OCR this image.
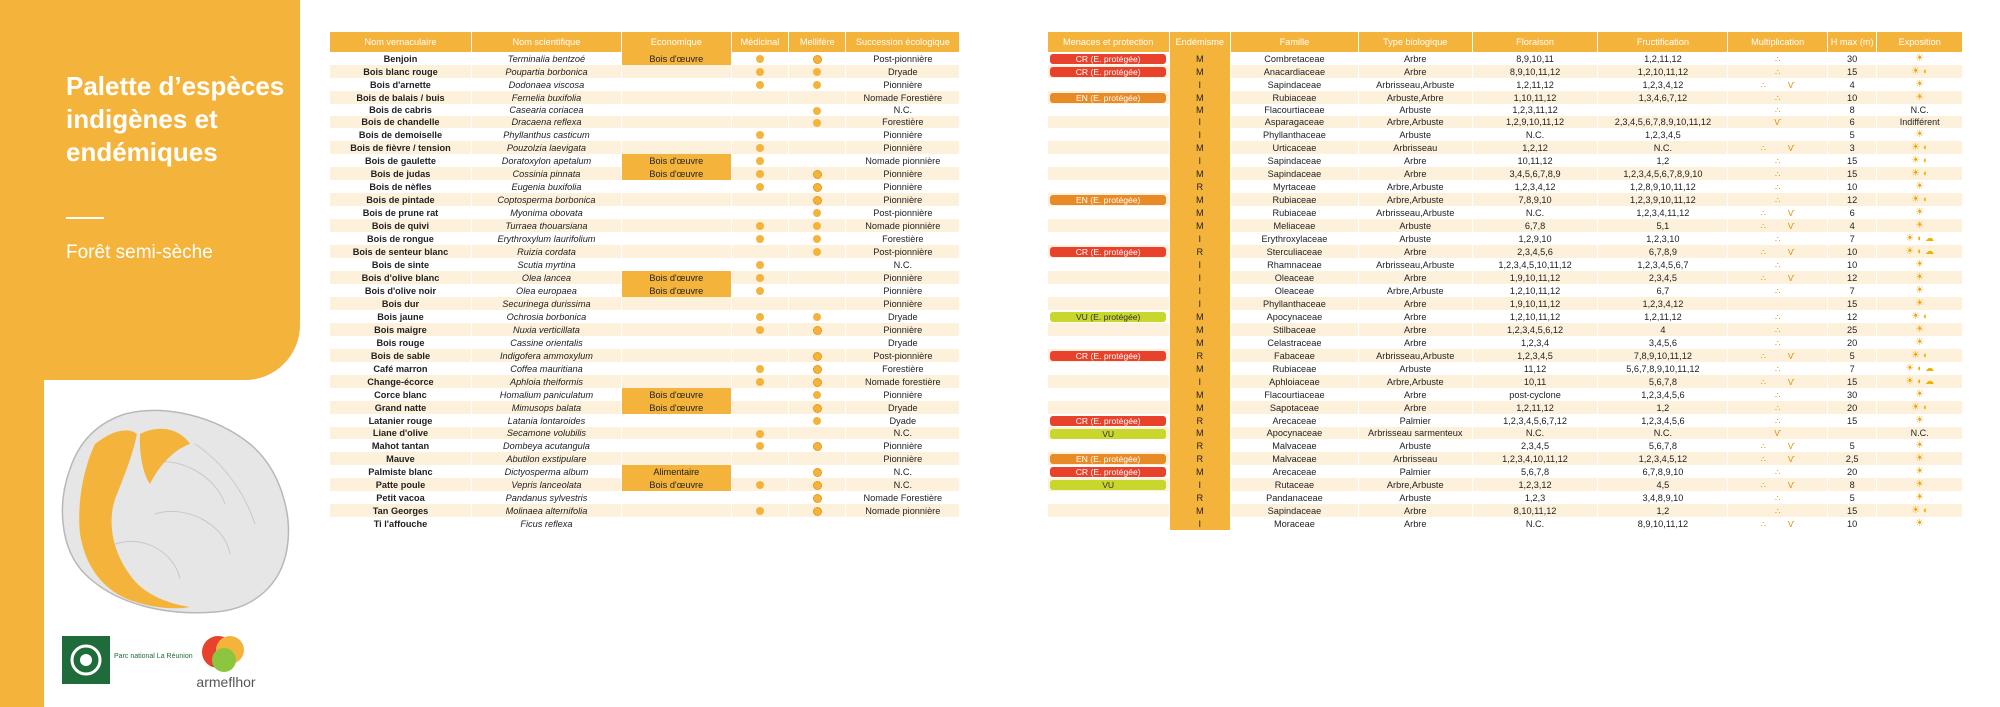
Palette d’espèces indigènes et endémiques
Forêt semi-sèche
Parc national La Réunion
armeflhor
Nom vernaculaire	Nom scientifique	Economique	Médicinal	Mellifère	Succession écologique		Menaces et protection	Endémisme	Famille	Type biologique	Floraison	Fructification	Multiplication	H max (m)	Exposition
Benjoin	Terminalia bentzoé	Bois d'œuvre			Post-pionnière		CR (E. protégée)	M	Combretaceae	Arbre	8,9,10,11	1,2,11,12	∴	30	☀
Bois blanc rouge	Poupartia borbonica				Dryade		CR (E. protégée)	M	Anacardiaceae	Arbre	8,9,10,11,12	1,2,10,11,12	∴	15	☀ ◐
Bois d'arnette	Dodonaea viscosa				Pionnière			I	Sapindaceae	Arbrisseau,Arbuste	1,2,11,12	1,2,3,4,12	∴    Ѵ	4	☀
Bois de balais / buis	Fernelia buxifolia				Nomade Forestière		EN (E. protégée)	M	Rubiaceae	Arbuste,Arbre	1,10,11,12	1,3,4,6,7,12	∴	10	☀
Bois de cabris	Casearia coriacea				N.C.			M	Flacourtiaceae	Arbuste	1,2,3,11,12		∴	8	N.C.
Bois de chandelle	Dracaena reflexa				Forestière			I	Asparagaceae	Arbre,Arbuste	1,2,9,10,11,12	2,3,4,5,6,7,8,9,10,11,12	Ѵ	6	Indifférent
Bois de demoiselle	Phyllanthus casticum				Pionnière			I	Phyllanthaceae	Arbuste	N.C.	1,2,3,4,5		5	☀
Bois de fièvre / tension	Pouzolzia laevigata				Pionnière			M	Urticaceae	Arbrisseau	1,2,12	N.C.	∴    Ѵ	3	☀ ◐
Bois de gaulette	Doratoxylon apetalum	Bois d'œuvre			Nomade pionnière			I	Sapindaceae	Arbre	10,11,12	1,2	∴	15	☀ ◐
Bois de judas	Cossinia pinnata	Bois d'œuvre			Pionnière			M	Sapindaceae	Arbre	3,4,5,6,7,8,9	1,2,3,4,5,6,7,8,9,10	∴	15	☀ ◐
Bois de nèfles	Eugenia buxifolia				Pionnière			R	Myrtaceae	Arbre,Arbuste	1,2,3,4,12	1,2,8,9,10,11,12	∴	10	☀
Bois de pintade	Coptosperma borbonica				Pionnière		EN (E. protégée)	M	Rubiaceae	Arbre,Arbuste	7,8,9,10	1,2,3,9,10,11,12	∴	12	☀ ◐
Bois de prune rat	Myonima obovata				Post-pionnière			M	Rubiaceae	Arbrisseau,Arbuste	N.C.	1,2,3,4,11,12	∴    Ѵ	6	☀
Bois de quivi	Turraea thouarsiana				Nomade pionnière			M	Meliaceae	Arbuste	6,7,8	5,1	∴    Ѵ	4	☀
Bois de rongue	Erythroxylum laurifolium				Forestière			I	Erythroxylaceae	Arbuste	1,2,9,10	1,2,3,10	∴	7	☀ ◐ ☁
Bois de senteur blanc	Ruizia cordata				Post-pionnière		CR (E. protégée)	R	Sterculiaceae	Arbre	2,3,4,5,6	6,7,8,9	∴    Ѵ	10	☀ ◐ ☁
Bois de sinte	Scutia myrtina				N.C.			I	Rhamnaceae	Arbrisseau,Arbuste	1,2,3,4,5,10,11,12	1,2,3,4,5,6,7	∴	10	☀
Bois d'olive blanc	Olea lancea	Bois d'œuvre			Pionnière			I	Oleaceae	Arbre	1,9,10,11,12	2,3,4,5	∴    Ѵ	12	☀
Bois d'olive noir	Olea europaea	Bois d'œuvre			Pionnière			I	Oleaceae	Arbre,Arbuste	1,2,10,11,12	6,7	∴	7	☀
Bois dur	Securinega durissima				Pionnière			I	Phyllanthaceae	Arbre	1,9,10,11,12	1,2,3,4,12		15	☀
Bois jaune	Ochrosia borbonica				Dryade		VU (E. protégée)	M	Apocynaceae	Arbre	1,2,10,11,12	1,2,11,12	∴	12	☀ ◐
Bois maigre	Nuxia verticillata				Pionnière			M	Stilbaceae	Arbre	1,2,3,4,5,6,12	4	∴	25	☀
Bois rouge	Cassine orientalis				Dryade			M	Celastraceae	Arbre	1,2,3,4	3,4,5,6	∴	20	☀
Bois de sable	Indigofera ammoxylum				Post-pionnière		CR (E. protégée)	R	Fabaceae	Arbrisseau,Arbuste	1,2,3,4,5	7,8,9,10,11,12	∴    Ѵ	5	☀ ◐
Café marron	Coffea mauritiana				Forestière			M	Rubiaceae	Arbuste	11,12	5,6,7,8,9,10,11,12	∴	7	☀ ◐ ☁
Change-écorce	Aphloia theiformis				Nomade forestière			I	Aphloiaceae	Arbre,Arbuste	10,11	5,6,7,8	∴    Ѵ	15	☀ ◐ ☁
Corce blanc	Homalium paniculatum	Bois d'œuvre			Pionnière			M	Flacourtiaceae	Arbre	post-cyclone	1,2,3,4,5,6	∴	30	☀
Grand natte	Mimusops balata	Bois d'œuvre			Dryade			M	Sapotaceae	Arbre	1,2,11,12	1,2	∴	20	☀ ◐
Latanier rouge	Latania lontaroides				Dyade		CR (E. protégée)	R	Arecaceae	Palmier	1,2,3,4,5,6,7,12	1,2,3,4,5,6	∴	15	☀
Liane d'olive	Secamone volubilis				N.C.		VU	M	Apocynaceae	Arbrisseau sarmenteux	N.C.	N.C.	Ѵ		N.C.
Mahot tantan	Dombeya acutangula				Pionnière			R	Malvaceae	Arbuste	2,3,4,5	5,6,7,8	∴    Ѵ	5	☀
Mauve	Abutilon exstipulare				Pionnière		EN (E. protégée)	R	Malvaceae	Arbrisseau	1,2,3,4,10,11,12	1,2,3,4,5,12	∴    Ѵ	2,5	☀
Palmiste blanc	Dictyosperma album	Alimentaire			N.C.		CR (E. protégée)	M	Arecaceae	Palmier	5,6,7,8	6,7,8,9,10	∴	20	☀
Patte poule	Vepris lanceolata	Bois d'œuvre			N.C.		VU	I	Rutaceae	Arbre,Arbuste	1,2,3,12	4,5	∴    Ѵ	8	☀
Petit vacoa	Pandanus sylvestris				Nomade Forestière			R	Pandanaceae	Arbuste	1,2,3	3,4,8,9,10	∴	5	☀
Tan Georges	Molinaea alternifolia				Nomade pionnière			M	Sapindaceae	Arbre	8,10,11,12	1,2	∴	15	☀ ◐
Ti l'affouche	Ficus reflexa							I	Moraceae	Arbre	N.C.	8,9,10,11,12	∴    Ѵ	10	☀
